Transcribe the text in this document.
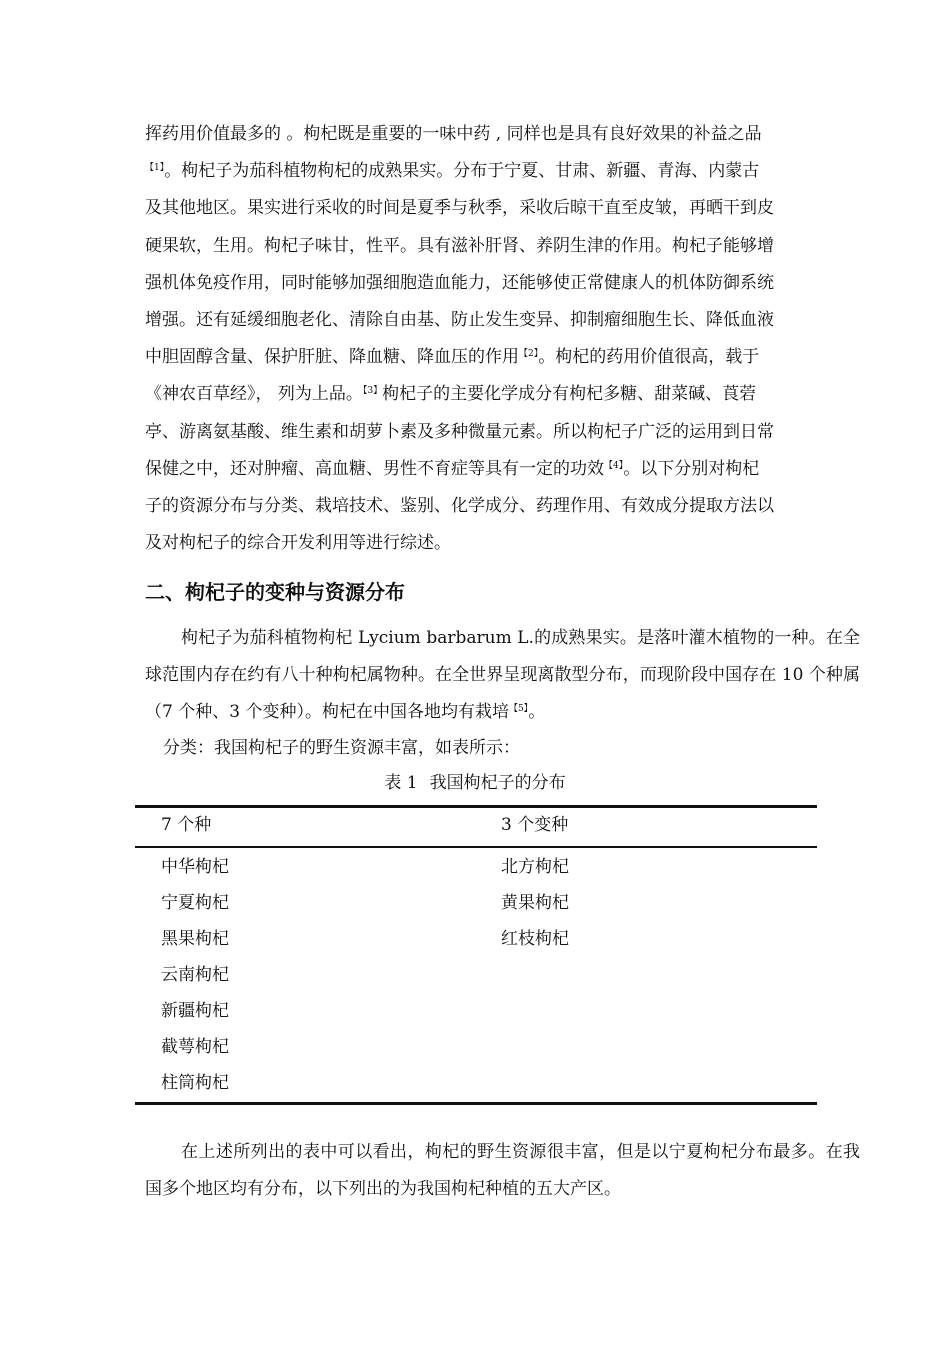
挥药用价值最多的 。枸杞既是重要的一味中药 , 同样也是具有良好效果的补益之品
$^{【1】}$。枸杞子为茄科植物枸杞的成熟果实。分布于宁夏、甘肃、新疆、青海、内蒙古
及其他地区。果实进行采收的时间是夏季与秋季，采收后晾干直至皮皱，再晒干到皮
硬果软，生用。枸杞子味甘，性平。具有滋补肝肾、养阴生津的作用。枸杞子能够增
强机体免疫作用，同时能够加强细胞造血能力，还能够使正常健康人的机体防御系统
增强。还有延缓细胞老化、清除自由基、防止发生变异、抑制瘤细胞生长、降低血液
中胆固醇含量、保护肝脏、降血糖、降血压的作用$^{【2】}$。枸杞的药用价值很高，载于
《神农百草经》， 列为上品。$^{【3】}$枸杞子的主要化学成分有枸杞多糖、甜菜碱、莨菪
亭、游离氨基酸、维生素和胡萝卜素及多种微量元素。所以枸杞子广泛的运用到日常
保健之中，还对肿瘤、高血糖、男性不育症等具有一定的功效$^{【4】}$。以下分别对枸杞
子的资源分布与分类、栽培技术、鉴别、化学成分、药理作用、有效成分提取方法以
及对枸杞子的综合开发利用等进行综述。
二、枸杞子的变种与资源分布

枸杞子为茄科植物枸杞 Lycium barbarum L.的成熟果实。是落叶灌木植物的一种。在全球范围内存在约有八十种枸杞属物种。在全世界呈现离散型分布，而现阶段中国存在 10 个种属（7 个种、3 个变种）。枸杞在中国各地均有栽培$^{【5】}$。

分类：我国枸杞子的野生资源丰富，如表所示：

表 1 我国枸杞子的分布

7 个种	3 个变种
中华枸杞
宁夏枸杞
黑果枸杞
云南枸杞
新疆枸杞
截萼枸杞
柱筒枸杞
北方枸杞
黄果枸杞
红枝枸杞

在上述所列出的表中可以看出，枸杞的野生资源很丰富，但是以宁夏枸杞分布最多。在我国多个地区均有分布，以下列出的为我国枸杞种植的五大产区。
